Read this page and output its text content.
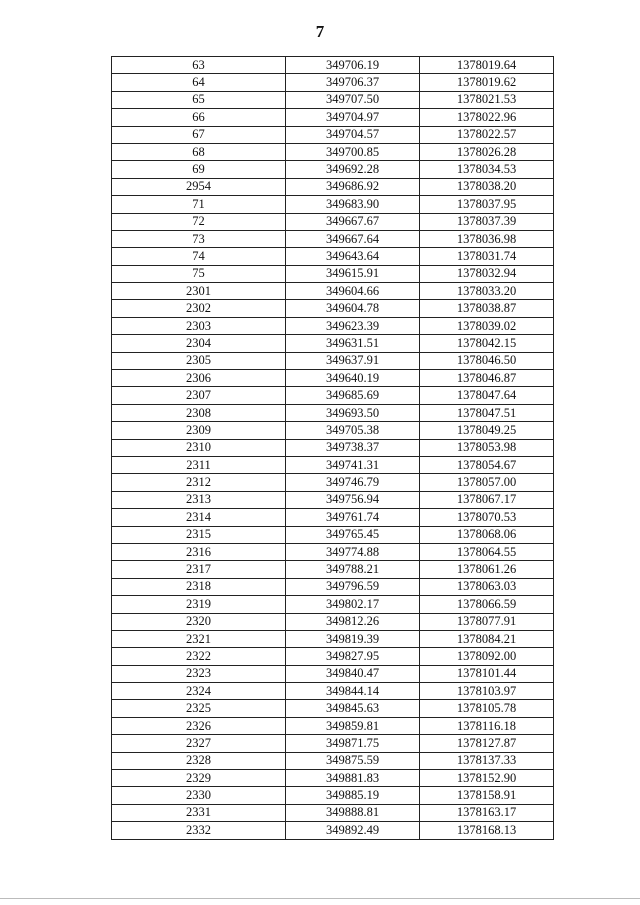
7
63	349706.19	1378019.64
64	349706.37	1378019.62
65	349707.50	1378021.53
66	349704.97	1378022.96
67	349704.57	1378022.57
68	349700.85	1378026.28
69	349692.28	1378034.53
2954	349686.92	1378038.20
71	349683.90	1378037.95
72	349667.67	1378037.39
73	349667.64	1378036.98
74	349643.64	1378031.74
75	349615.91	1378032.94
2301	349604.66	1378033.20
2302	349604.78	1378038.87
2303	349623.39	1378039.02
2304	349631.51	1378042.15
2305	349637.91	1378046.50
2306	349640.19	1378046.87
2307	349685.69	1378047.64
2308	349693.50	1378047.51
2309	349705.38	1378049.25
2310	349738.37	1378053.98
2311	349741.31	1378054.67
2312	349746.79	1378057.00
2313	349756.94	1378067.17
2314	349761.74	1378070.53
2315	349765.45	1378068.06
2316	349774.88	1378064.55
2317	349788.21	1378061.26
2318	349796.59	1378063.03
2319	349802.17	1378066.59
2320	349812.26	1378077.91
2321	349819.39	1378084.21
2322	349827.95	1378092.00
2323	349840.47	1378101.44
2324	349844.14	1378103.97
2325	349845.63	1378105.78
2326	349859.81	1378116.18
2327	349871.75	1378127.87
2328	349875.59	1378137.33
2329	349881.83	1378152.90
2330	349885.19	1378158.91
2331	349888.81	1378163.17
2332	349892.49	1378168.13
